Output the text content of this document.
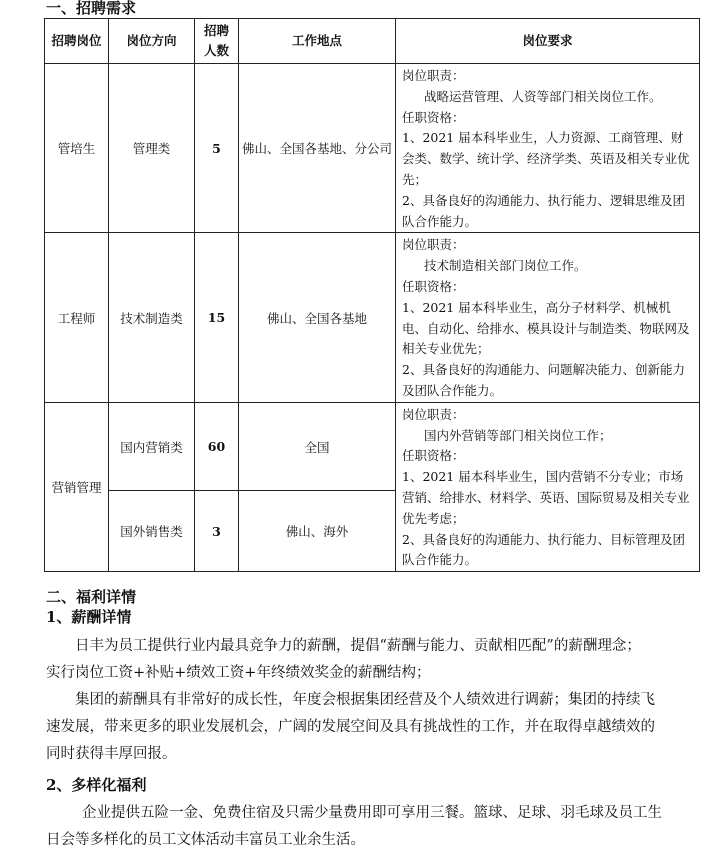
一、招聘需求
招聘岗位	岗位方向	招聘人数	工作地点	岗位要求
管培生	管理类	5	佛山、全国各基地、分公司	岗位职责：
战略运营管理、人资等部门相关岗位工作。
任职资格：
1、2021 届本科毕业生，人力资源、工商管理、财会类、数学、统计学、经济学类、英语及相关专业优先；
2、具备良好的沟通能力、执行能力、逻辑思维及团队合作能力。

工程师	技术制造类	15	佛山、全国各基地	岗位职责：
技术制造相关部门岗位工作。
任职资格：
1、2021 届本科毕业生，高分子材料学、机械机电、自动化、给排水、模具设计与制造类、物联网及相关专业优先；
2、具备良好的沟通能力、问题解决能力、创新能力及团队合作能力。

营销管理	国内营销类	60	全国	岗位职责：
国内外营销等部门相关岗位工作；
任职资格：
1、2021 届本科毕业生，国内营销不分专业；市场营销、给排水、材料学、英语、国际贸易及相关专业优先考虑；
2、具备良好的沟通能力、执行能力、目标管理及团队合作能力。

	国外销售类	3	佛山、海外	
二、福利详情
1、薪酬详情

日丰为员工提供行业内最具竞争力的薪酬，提倡“薪酬与能力、贡献相匹配”的薪酬理念；

实行岗位工资+补贴+绩效工资+年终绩效奖金的薪酬结构；

集团的薪酬具有非常好的成长性，年度会根据集团经营及个人绩效进行调薪；集团的持续飞速发展，带来更多的职业发展机会，广阔的发展空间及具有挑战性的工作，并在取得卓越绩效的同时获得丰厚回报。

2、多样化福利

企业提供五险一金、免费住宿及只需少量费用即可享用三餐。篮球、足球、羽毛球及员工生日会等多样化的员工文体活动丰富员工业余生活。
